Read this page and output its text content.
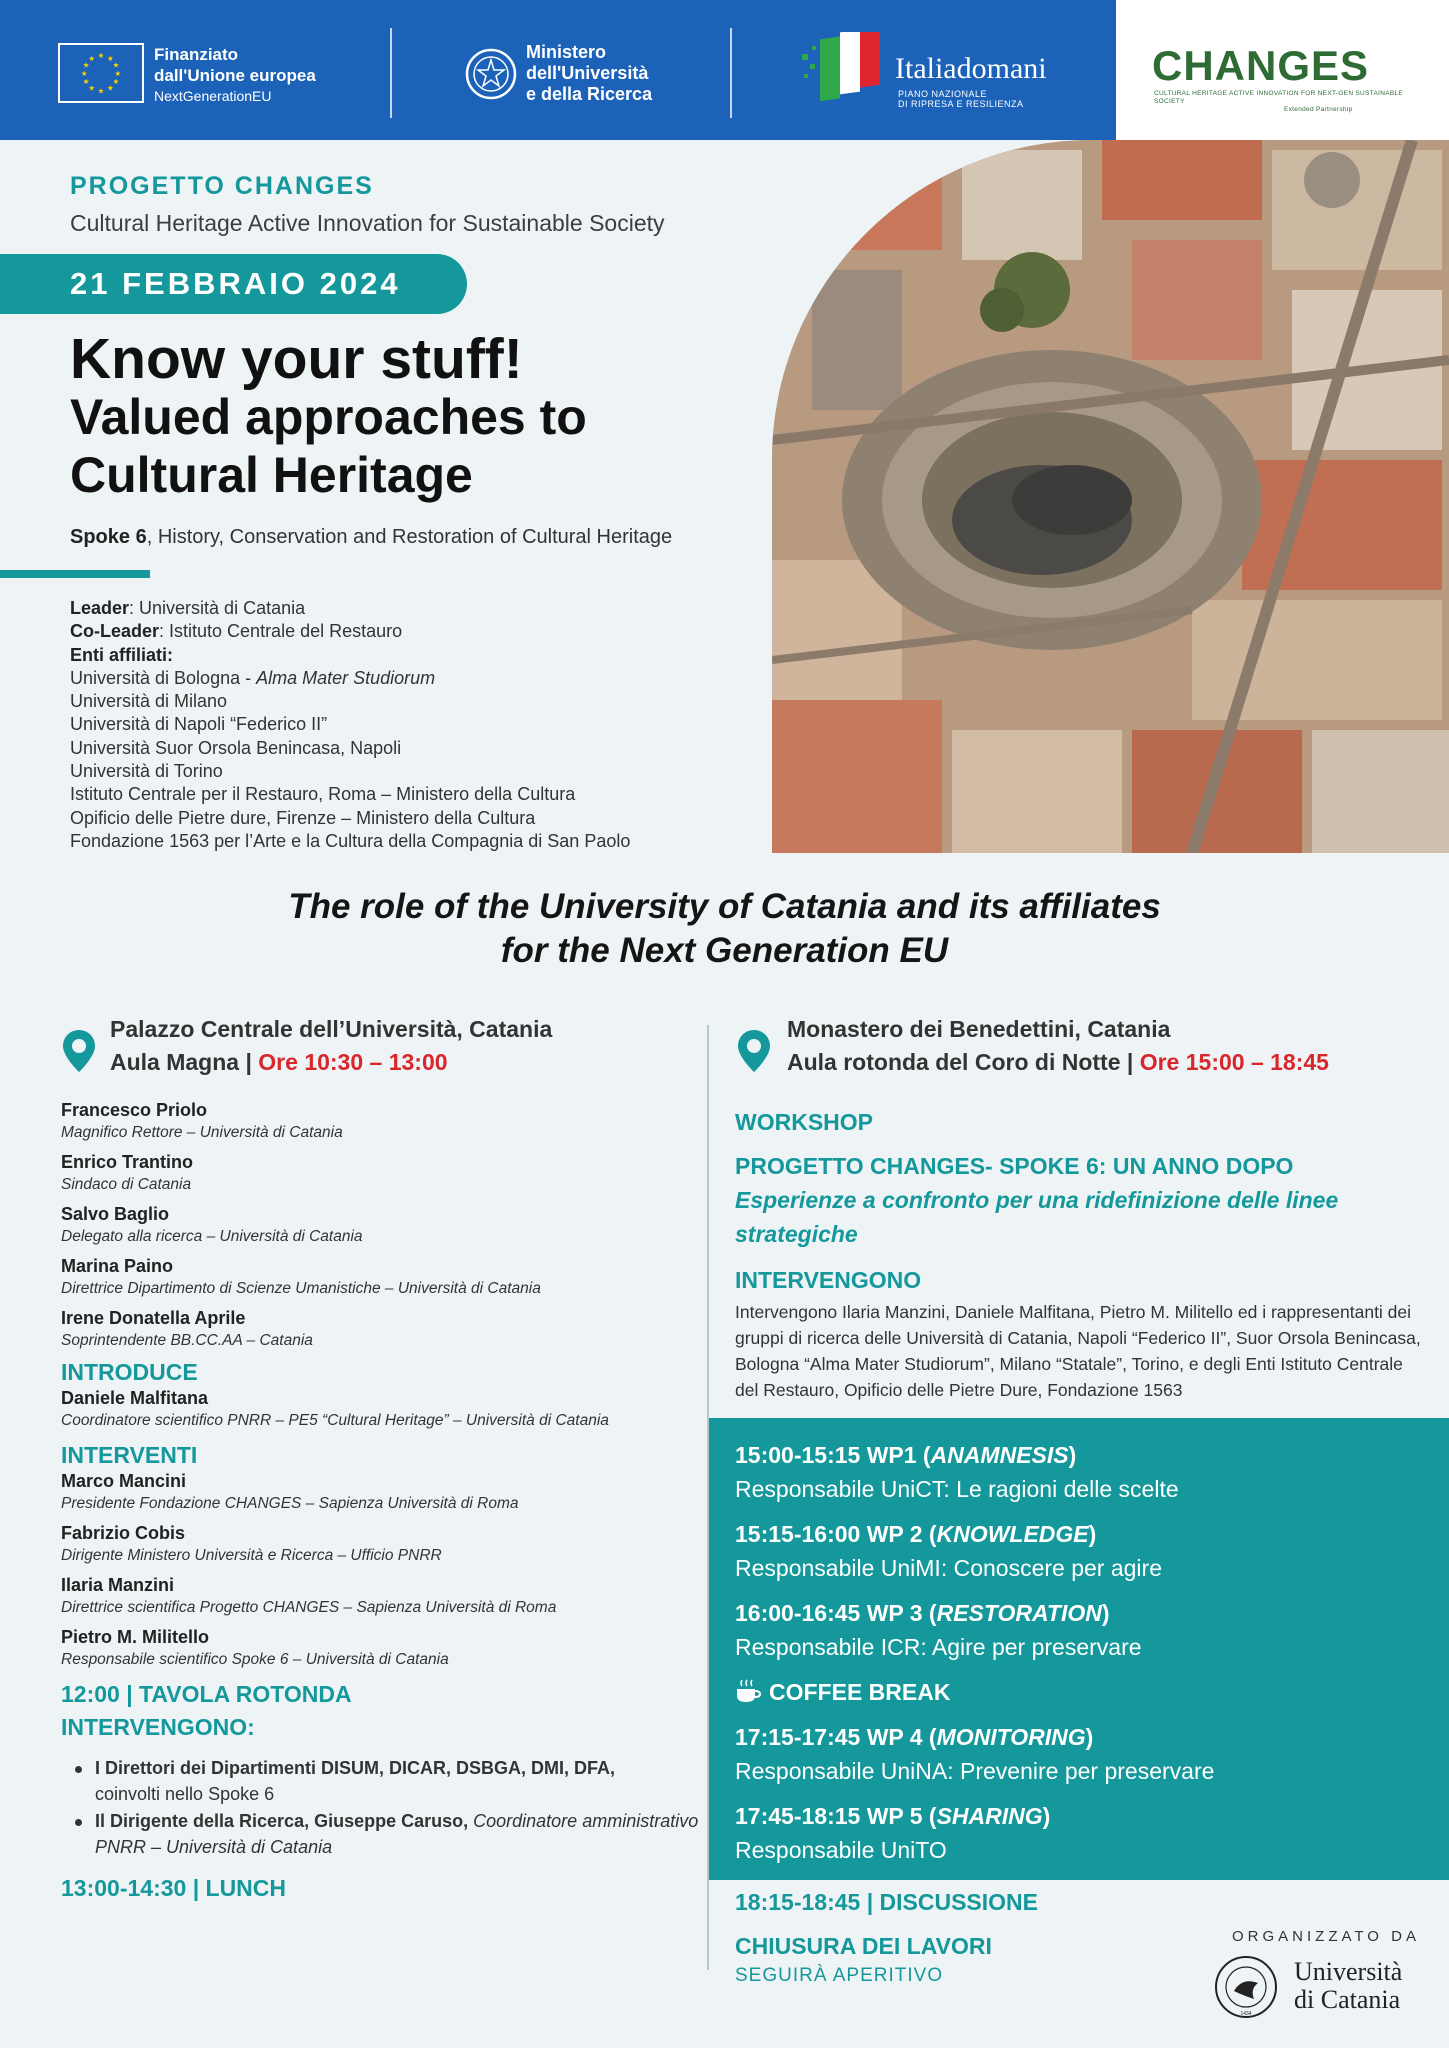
★ ★
★
★
★
★
★
★
★
★
★
★	Finanziato
dall'Unione europea
NextGenerationEU
Ministero
dell'Università
e della Ricerca
Italiadomani
PIANO NAZIONALE
DI RIPRESA E RESILIENZA
CHANGES
CULTURAL HERITAGE ACTIVE INNOVATION FOR NEXT-GEN SUSTAINABLE SOCIETY
Extended Partnership
PROGETTO CHANGES
Cultural Heritage Active Innovation for Sustainable Society
21 FEBBRAIO 2024
Know your stuff!
Valued approaches to
Cultural Heritage
Spoke 6, History, Conservation and Restoration of Cultural Heritage
Leader: Università di Catania
Co-Leader: Istituto Centrale del Restauro
Enti affiliati:
Università di Bologna - Alma Mater Studiorum
Università di Milano
Università di Napoli “Federico II”
Università Suor Orsola Benincasa, Napoli
Università di Torino
Istituto Centrale per il Restauro, Roma – Ministero della Cultura
Opificio delle Pietre dure, Firenze – Ministero della Cultura
Fondazione 1563 per l’Arte e la Cultura della Compagnia di San Paolo
The role of the University of Catania and its affiliates
for the Next Generation EU
Palazzo Centrale dell’Università, Catania
Aula Magna | Ore 10:30 – 13:00
Francesco Priolo
Magnifico Rettore – Università di Catania
Enrico Trantino
Sindaco di Catania
Salvo Baglio
Delegato alla ricerca – Università di Catania
Marina Paino
Direttrice Dipartimento di Scienze Umanistiche – Università di Catania
Irene Donatella Aprile
Soprintendente BB.CC.AA – Catania
INTRODUCE
Daniele Malfitana
Coordinatore scientifico PNRR – PE5 “Cultural Heritage” – Università di Catania
INTERVENTI
Marco Mancini
Presidente Fondazione CHANGES – Sapienza Università di Roma
Fabrizio Cobis
Dirigente Ministero Università e Ricerca – Ufficio PNRR
Ilaria Manzini
Direttrice scientifica Progetto CHANGES – Sapienza Università di Roma
Pietro M. Militello
Responsabile scientifico Spoke 6 – Università di Catania
12:00 | TAVOLA ROTONDA
INTERVENGONO:
I Direttori dei Dipartimenti DISUM, DICAR, DSBGA, DMI, DFA,
coinvolti nello Spoke 6
Il Dirigente della Ricerca, Giuseppe Caruso, Coordinatore amministrativo PNRR – Università di Catania
13:00-14:30 | LUNCH
Monastero dei Benedettini, Catania
Aula rotonda del Coro di Notte | Ore 15:00 – 18:45
WORKSHOP
PROGETTO CHANGES- SPOKE 6: UN ANNO DOPO
Esperienze a confronto per una ridefinizione delle linee
strategiche
INTERVENGONO
Intervengono Ilaria Manzini, Daniele Malfitana, Pietro M. Militello ed i rappresentanti dei gruppi di ricerca delle Università di Catania, Napoli “Federico II”, Suor Orsola Benincasa, Bologna “Alma Mater Studiorum”, Milano “Statale”, Torino, e degli Enti Istituto Centrale del Restauro, Opificio delle Pietre Dure, Fondazione 1563
15:00-15:15 WP1 (ANAMNESIS)
Responsabile UniCT: Le ragioni delle scelte
15:15-16:00 WP 2 (KNOWLEDGE)
Responsabile UniMI: Conoscere per agire
16:00-16:45 WP 3 (RESTORATION)
Responsabile ICR: Agire per preservare
COFFEE BREAK
17:15-17:45 WP 4 (MONITORING)
Responsabile UniNA: Prevenire per preservare
17:45-18:15 WP 5 (SHARING)
Responsabile UniTO
18:15-18:45 | DISCUSSIONE
CHIUSURA DEI LAVORI
SEGUIRÀ APERITIVO
ORGANIZZATO DA
1434
Università
di Catania
